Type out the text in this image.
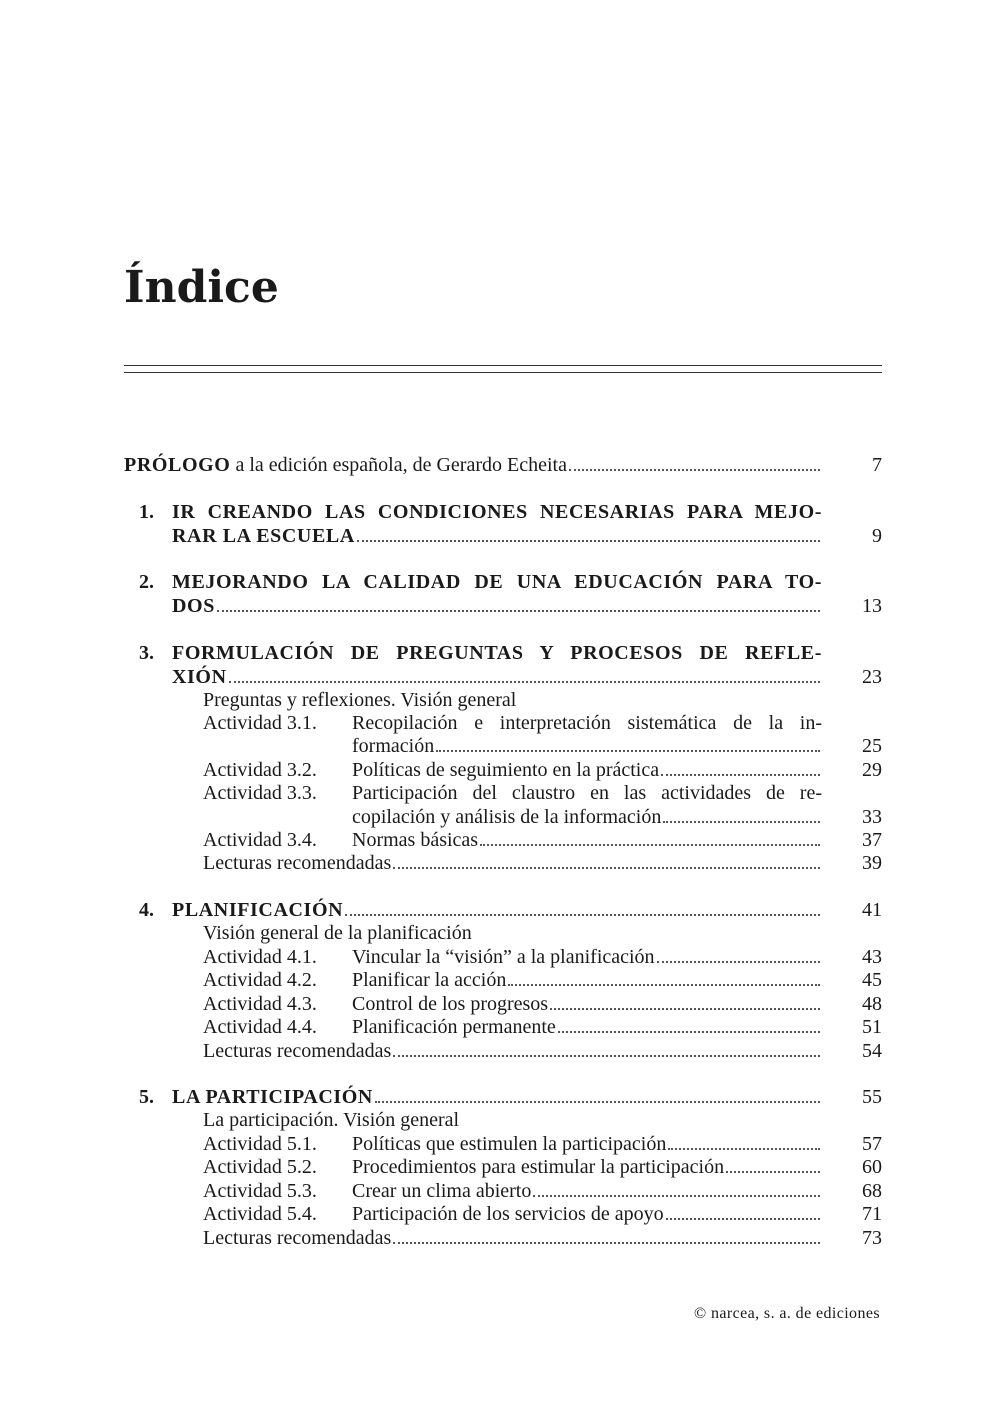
Índice
PRÓLOGO a la edición española, de Gerardo Echeita	7
1. IR CREANDO LAS CONDICIONES NECESARIAS PARA MEJO-
RAR LA ESCUELA	9
2. MEJORANDO LA CALIDAD DE UNA EDUCACIÓN PARA TO-
DOS	13
3. FORMULACIÓN DE PREGUNTAS Y PROCESOS DE REFLE-
XIÓN	23
Preguntas y reflexiones. Visión general
Actividad 3.1. Recopilación e interpretación sistemática de la in-
formación	25
Actividad 3.2. Políticas de seguimiento en la práctica	29
Actividad 3.3. Participación del claustro en las actividades de re-
copilación y análisis de la información	33
Actividad 3.4. Normas básicas	37
Lecturas recomendadas	39
4. PLANIFICACIÓN	41
Visión general de la planificación
Actividad 4.1. Vincular la “visión” a la planificación	43
Actividad 4.2. Planificar la acción	45
Actividad 4.3. Control de los progresos	48
Actividad 4.4. Planificación permanente	51
Lecturas recomendadas	54
5. LA PARTICIPACIÓN	55
La participación. Visión general
Actividad 5.1. Políticas que estimulen la participación	57
Actividad 5.2. Procedimientos para estimular la participación	60
Actividad 5.3. Crear un clima abierto	68
Actividad 5.4. Participación de los servicios de apoyo	71
Lecturas recomendadas	73
© narcea, s. a. de ediciones
